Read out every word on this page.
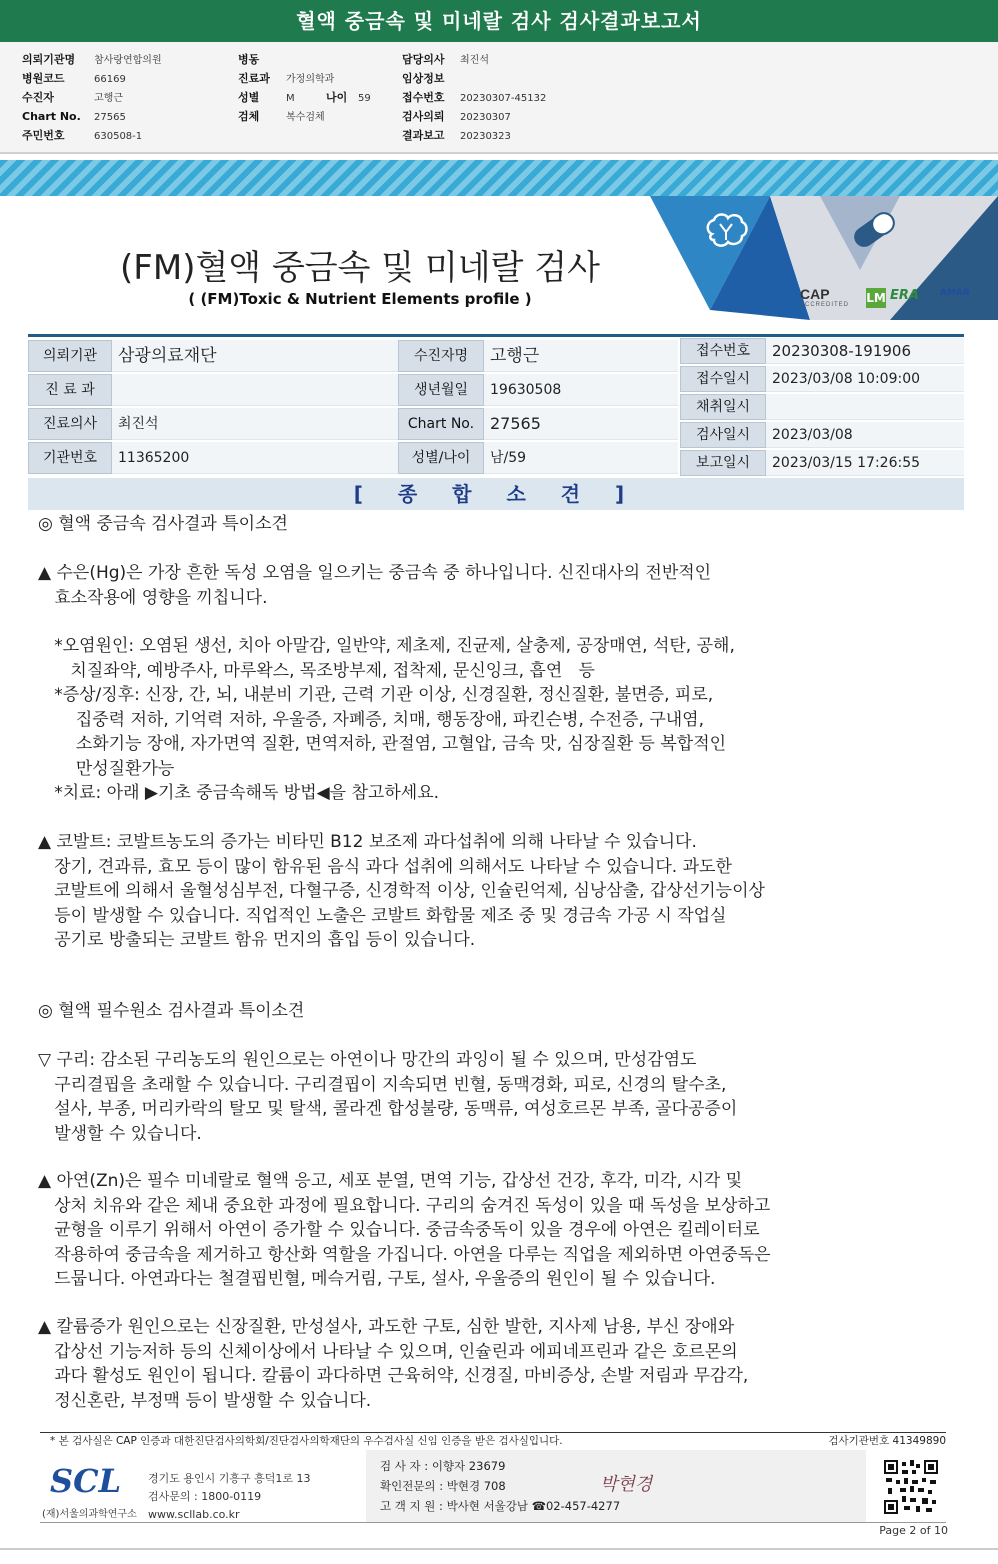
혈액 중금속 및 미네랄 검사 검사결과보고서
의뢰기관명 참사랑연합의원
병원코드	66169
수진자	고행근
Chart No. 27565
주민번호	630508-1
병동
진료과 가정의학과
성별	M	나이 59
검체	복수검체
담당의사 최진석
임상정보
접수번호 20230307-45132
검사의뢰 20230307
결과보고 20230323
CAP
ACCREDITED LM ERA AMAB
(FM)혈액 중금속 및 미네랄 검사
( (FM)Toxic & Nutrient Elements profile )
의뢰기관	삼광의료재단
진 료 과
진료의사	최진석
기관번호	11365200
수진자명	고행근
생년월일	19630508
Chart No. 27565
성별/나이	남/59
접수번호	20230308-191906
접수일시	2023/03/08 10:09:00
채취일시
검사일시	2023/03/08
보고일시	2023/03/15 17:26:55
[ 종 합 소 견 ]

◎ 혈액 중금속 검사결과 특이소견

▲ 수은(Hg)은 가장 흔한 독성 오염을 일으키는 중금속 중 하나입니다. 신진대사의 전반적인
효소작용에 영향을 끼칩니다.

*오염원인: 오염된 생선, 치아 아말감, 일반약, 제초제, 진균제, 살충제, 공장매연, 석탄, 공해,
치질좌약, 예방주사, 마루왁스, 목조방부제, 접착제, 문신잉크, 흡연   등
*증상/징후: 신장, 간, 뇌, 내분비 기관, 근력 기관 이상, 신경질환, 정신질환, 불면증, 피로,
집중력 저하, 기억력 저하, 우울증, 자폐증, 치매, 행동장애, 파킨슨병, 수전증, 구내염,
소화기능 장애, 자가면역 질환, 면역저하, 관절염, 고혈압, 금속 맛, 심장질환 등 복합적인
만성질환가능
*치료: 아래 ▶기초 중금속해독 방법◀을 참고하세요.

▲ 코발트: 코발트농도의 증가는 비타민 B12 보조제 과다섭취에 의해 나타날 수 있습니다.
장기, 견과류, 효모 등이 많이 함유된 음식 과다 섭취에 의해서도 나타날 수 있습니다. 과도한
코발트에 의해서 울혈성심부전, 다혈구증, 신경학적 이상, 인슐린억제, 심낭삼출, 갑상선기능이상
등이 발생할 수 있습니다. 직업적인 노출은 코발트 화합물 제조 중 및 경금속 가공 시 작업실
공기로 방출되는 코발트 함유 먼지의 흡입 등이 있습니다.

◎ 혈액 필수원소 검사결과 특이소견

▽ 구리: 감소된 구리농도의 원인으로는 아연이나 망간의 과잉이 될 수 있으며, 만성감염도
구리결핍을 초래할 수 있습니다. 구리결핍이 지속되면 빈혈, 동맥경화, 피로, 신경의 탈수초,
설사, 부종, 머리카락의 탈모 및 탈색, 콜라겐 합성불량, 동맥류, 여성호르몬 부족, 골다공증이
발생할 수 있습니다.

▲ 아연(Zn)은 필수 미네랄로 혈액 응고, 세포 분열, 면역 기능, 갑상선 건강, 후각, 미각, 시각 및
상처 치유와 같은 체내 중요한 과정에 필요합니다. 구리의 숨겨진 독성이 있을 때 독성을 보상하고
균형을 이루기 위해서 아연이 증가할 수 있습니다. 중금속중독이 있을 경우에 아연은 킬레이터로
작용하여 중금속을 제거하고 항산화 역할을 가집니다. 아연을 다루는 직업을 제외하면 아연중독은
드뭅니다. 아연과다는 철결핍빈혈, 메슥거림, 구토, 설사, 우울증의 원인이 될 수 있습니다.

▲ 칼륨증가 원인으로는 신장질환, 만성설사, 과도한 구토, 심한 발한, 지사제 남용, 부신 장애와
갑상선 기능저하 등의 신체이상에서 나타날 수 있으며, 인슐린과 에피네프린과 같은 호르몬의
과다 활성도 원인이 됩니다. 칼륨이 과다하면 근육허약, 신경질, 마비증상, 손발 저림과 무감각,
정신혼란, 부정맥 등이 발생할 수 있습니다.

* 본 검사실은 CAP 인증과 대한진단검사의학회/진단검사의학재단의 우수검사실 신임 인증을 받은 검사실입니다.	검사기관번호 41349890
SCL
(재)서울의과학연구소
경기도 용인시 기흥구 흥덕1로 13
검사문의 : 1800-0119
www.scllab.co.kr
검 사 자 : 이향자 23679
확인전문의 : 박현경 708
고 객 지 원 : 박사현 서울강남 ☎02-457-4277
박현경
Page 2 of 10
